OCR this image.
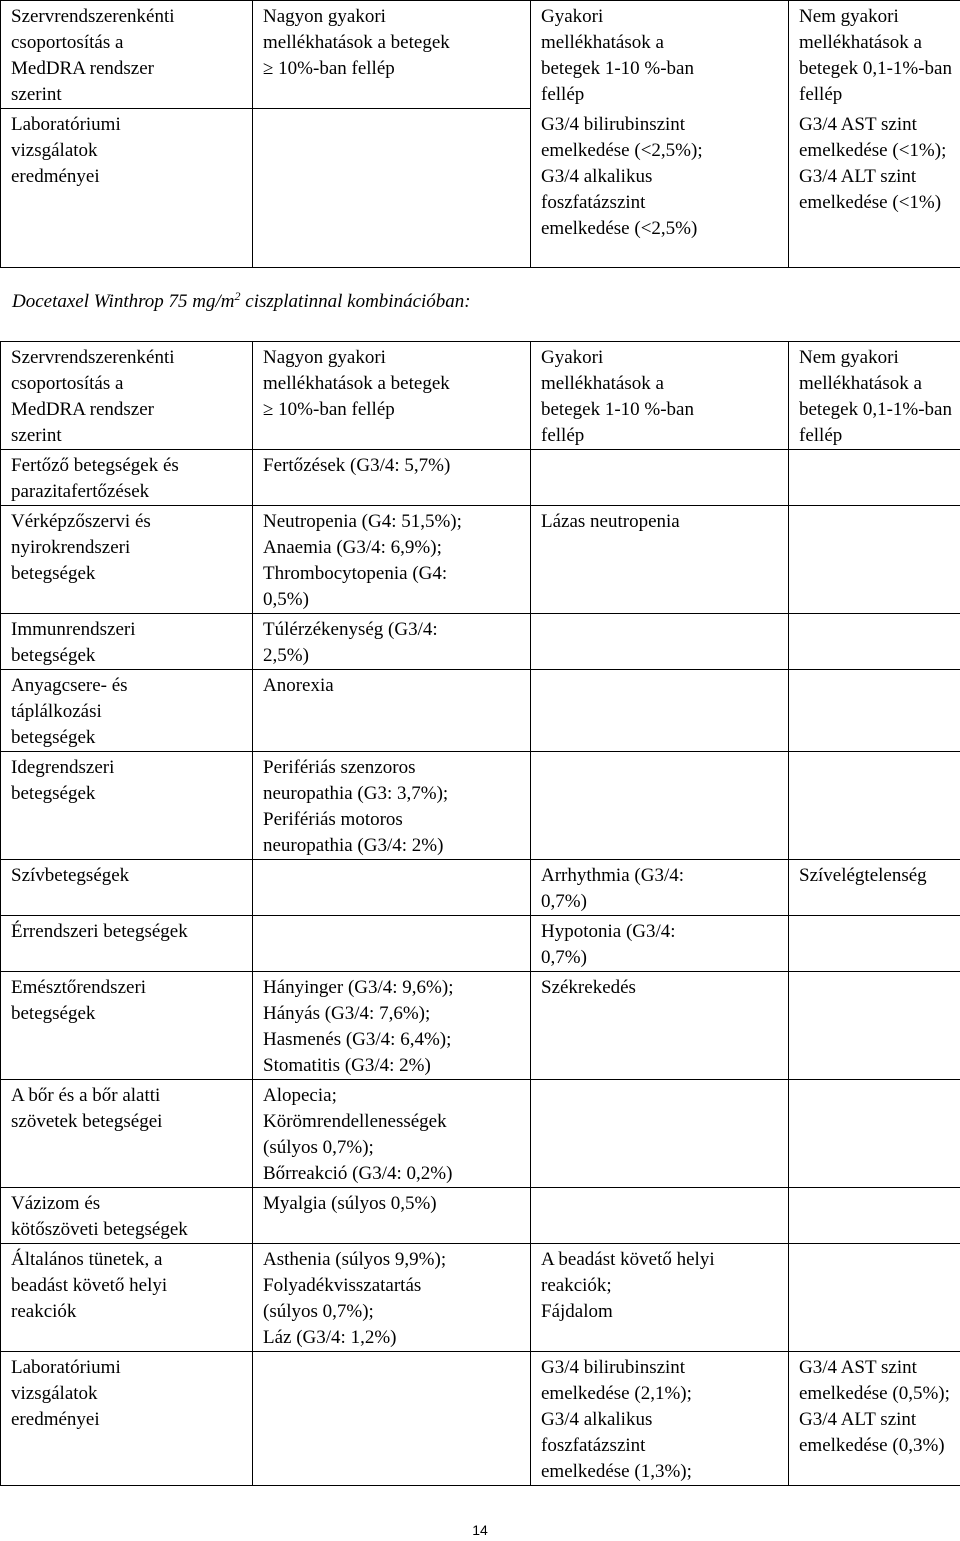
Szervrendszerenkénti
csoportosítás a
MedDRA rendszer
szerint	Nagyon gyakori
mellékhatások a betegek
≥ 10%-ban fellép	Gyakori
mellékhatások a
betegek 1-10 %-ban
fellép	Nem gyakori
mellékhatások a
betegek 0,1-1%-ban
fellép

Laboratóriumi
vizsgálatok
eredményei		G3/4 bilirubinszint
emelkedése (<2,5%);
G3/4 alkalikus
foszfatázszint
emelkedése (<2,5%)	G3/4 AST szint
emelkedése (<1%);
G3/4 ALT szint
emelkedése (<1%)
Docetaxel Winthrop 75 $mg/m^2$ ciszplatinnal kombinációban:
Szervrendszerenkénti
csoportosítás a
MedDRA rendszer
szerint	Nagyon gyakori
mellékhatások a betegek
≥ 10%-ban fellép	Gyakori
mellékhatások a
betegek 1-10 %-ban
fellép	Nem gyakori
mellékhatások a
betegek 0,1-1%-ban
fellép

Fertőző betegségek és
parazitafertőzések	Fertőzések (G3/4: 5,7%)		

Vérképzőszervi és
nyirokrendszeri
betegségek	Neutropenia (G4: 51,5%);
Anaemia (G3/4: 6,9%);
Thrombocytopenia (G4:
0,5%)	Lázas neutropenia	

Immunrendszeri
betegségek	Túlérzékenység (G3/4:
2,5%)		

Anyagcsere- és
táplálkozási
betegségek	Anorexia		

Idegrendszeri
betegségek	Perifériás szenzoros
neuropathia (G3: 3,7%);
Perifériás motoros
neuropathia (G3/4: 2%)		

Szívbetegségek		Arrhythmia (G3/4:
0,7%)	Szívelégtelenség

Érrendszeri betegségek		Hypotonia (G3/4:
0,7%)	

Emésztőrendszeri
betegségek	Hányinger (G3/4: 9,6%);
Hányás (G3/4: 7,6%);
Hasmenés (G3/4: 6,4%);
Stomatitis (G3/4: 2%)	Székrekedés	

A bőr és a bőr alatti
szövetek betegségei	Alopecia;
Körömrendellenességek
(súlyos 0,7%);
Bőrreakció (G3/4: 0,2%)		

Vázizom és
kötőszöveti betegségek	Myalgia (súlyos 0,5%)		

Általános tünetek, a
beadást követő helyi
reakciók	Asthenia (súlyos 9,9%);
Folyadékvisszatartás
(súlyos 0,7%);
Láz (G3/4: 1,2%)	A beadást követő helyi
reakciók;
Fájdalom	

Laboratóriumi
vizsgálatok
eredményei		G3/4 bilirubinszint
emelkedése (2,1%);
G3/4 alkalikus
foszfatázszint
emelkedése (1,3%);	G3/4 AST szint
emelkedése (0,5%);
G3/4 ALT szint
emelkedése (0,3%)
14
